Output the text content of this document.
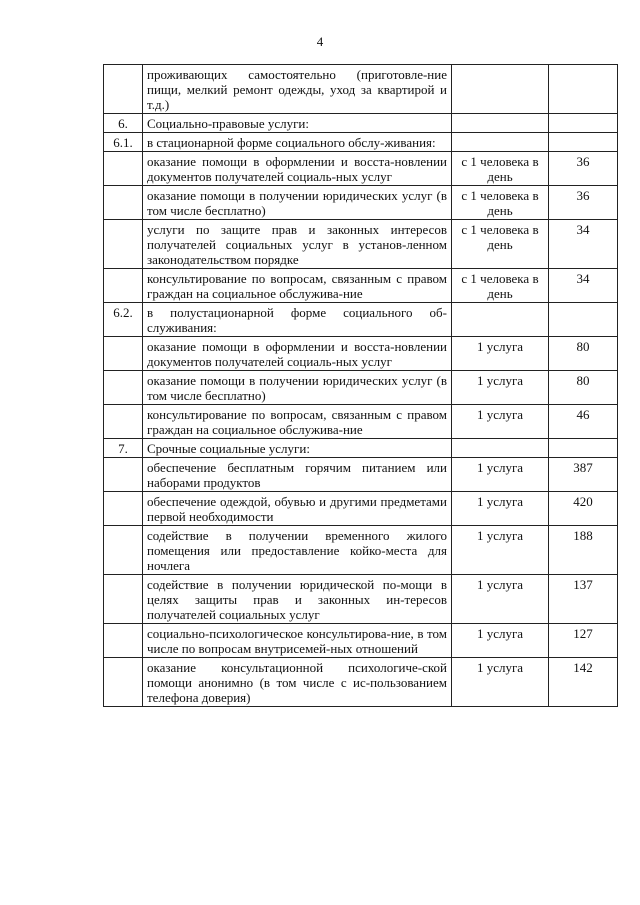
4
	проживающих самостоятельно (приготовле-ние пищи, мелкий ремонт одежды, уход за квартирой и т.д.)		
6.	Социально-правовые услуги:		
6.1.	в стационарной форме социального обслу-живания:		
	оказание помощи в оформлении и восста-новлении документов получателей социаль-ных услуг	с 1 человека в день	36
	оказание помощи в получении юридических услуг (в том числе бесплатно)	с 1 человека в день	36
	услуги по защите прав и законных интересов получателей социальных услуг в установ-ленном законодательством порядке	с 1 человека в день	34
	консультирование по вопросам, связанным с правом граждан на социальное обслужива-ние	с 1 человека в день	34
6.2.	в полустационарной форме социального об-служивания:		
	оказание помощи в оформлении и восста-новлении документов получателей социаль-ных услуг	1 услуга	80
	оказание помощи в получении юридических услуг (в том числе бесплатно)	1 услуга	80
	консультирование по вопросам, связанным с правом граждан на социальное обслужива-ние	1 услуга	46
7.	Срочные социальные услуги:		
	обеспечение бесплатным горячим питанием или наборами продуктов	1 услуга	387
	обеспечение одеждой, обувью и другими предметами первой необходимости	1 услуга	420
	содействие в получении временного жилого помещения или предоставление койко-места для ночлега	1 услуга	188
	содействие в получении юридической по-мощи в целях защиты прав и законных ин-тересов получателей социальных услуг	1 услуга	137
	социально-психологическое консультирова-ние, в том числе по вопросам внутрисемей-ных отношений	1 услуга	127
	оказание консультационной психологиче-ской помощи анонимно (в том числе с ис-пользованием телефона доверия)	1 услуга	142
